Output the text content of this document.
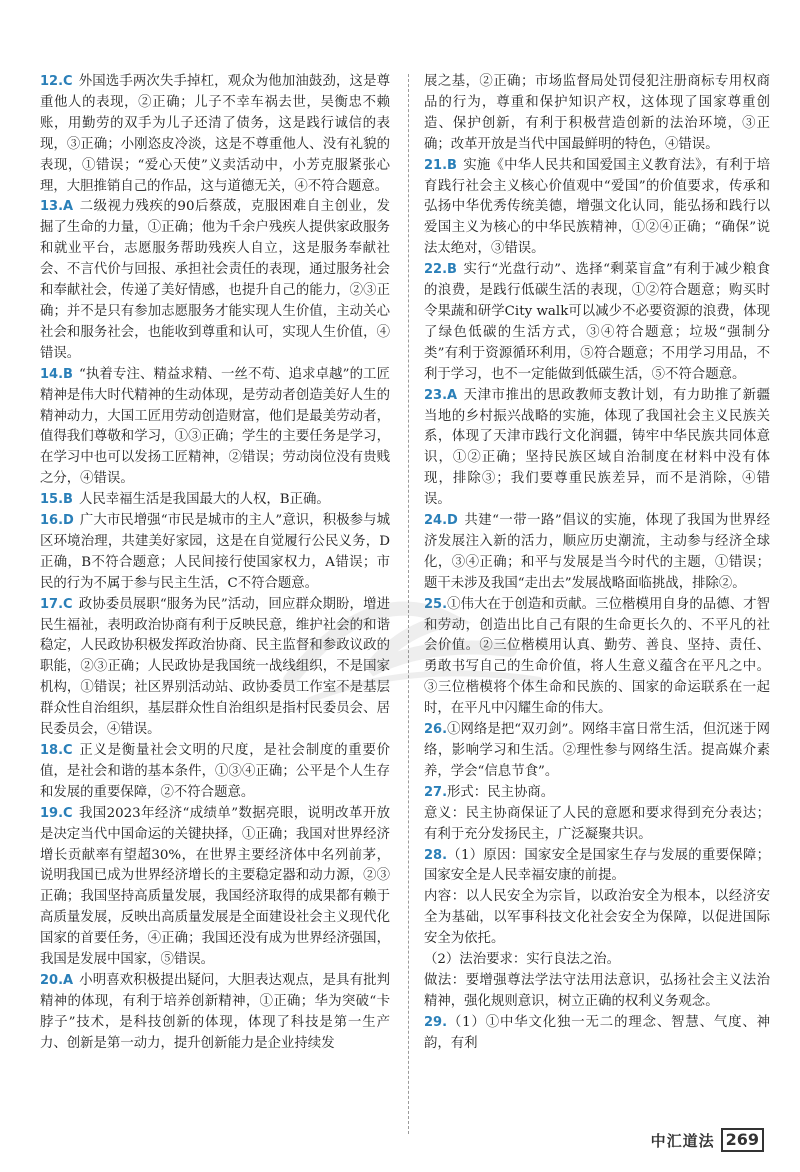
12.C 外国选手两次失手掉杠，观众为他加油鼓劲，这是尊重他人的表现，②正确；儿子不幸车祸去世，吴衡忠不赖账，用勤劳的双手为儿子还清了债务，这是践行诚信的表现，③正确；小刚恣皮冷淡，这是不尊重他人、没有礼貌的表现，①错误；“爱心天使”义卖活动中，小芳克服紧张心理，大胆推销自己的作品，这与道德无关，④不符合题意。
13.A 二级视力残疾的90后蔡荿，克服困难自主创业，发掘了生命的力量，①正确；他为千余户残疾人提供家政服务和就业平台，志愿服务帮助残疾人自立，这是服务奉献社会、不言代价与回报、承担社会责任的表现，通过服务社会和奉献社会，传递了美好情感，也提升自己的能力，②③正确；并不是只有参加志愿服务才能实现人生价值，主动关心社会和服务社会，也能收到尊重和认可，实现人生价值，④错误。
14.B “执着专注、精益求精、一丝不苟、追求卓越”的工匠精神是伟大时代精神的生动体现，是劳动者创造美好人生的精神动力，大国工匠用劳动创造财富，他们是最美劳动者，值得我们尊敬和学习，①③正确；学生的主要任务是学习，在学习中也可以发扬工匠精神，②错误；劳动岗位没有贵贱之分，④错误。
15.B 人民幸福生活是我国最大的人权，B正确。
16.D 广大市民增强“市民是城市的主人”意识，积极参与城区环境治理，共建美好家园，这是在自觉履行公民义务，D正确，B不符合题意；人民间接行使国家权力，A错误；市民的行为不属于参与民主生活，C不符合题意。
17.C 政协委员展职“服务为民”活动，回应群众期盼，增进民生福祉，表明政治协商有利于反映民意，维护社会的和谐稳定，人民政协积极发挥政治协商、民主监督和参政议政的职能，②③正确；人民政协是我国统一战线组织，不是国家机构，①错误；社区界别活动站、政协委员工作室不是基层群众性自治组织，基层群众性自治组织是指村民委员会、居民委员会，④错误。
18.C 正义是衡量社会文明的尺度，是社会制度的重要价值，是社会和谐的基本条件，①③④正确；公平是个人生存和发展的重要保障，②不符合题意。
19.C 我国2023年经济“成绩单”数据亮眼，说明改革开放是决定当代中国命运的关键抉择，①正确；我国对世界经济增长贡献率有望超30%，在世界主要经济体中名列前茅，说明我国已成为世界经济增长的主要稳定器和动力源，②③正确；我国坚持高质量发展，我国经济取得的成果都有赖于高质量发展，反映出高质量发展是全面建设社会主义现代化国家的首要任务，④正确；我国还没有成为世界经济强国，我国是发展中国家，⑤错误。
20.A 小明喜欢积极提出疑问，大胆表达观点，是具有批判精神的体现，有利于培养创新精神，①正确；华为突破“卡脖子”技术，是科技创新的体现，体现了科技是第一生产力、创新是第一动力，提升创新能力是企业持续发
展之基，②正确；市场监督局处罚侵犯注册商标专用权商品的行为，尊重和保护知识产权，这体现了国家尊重创造、保护创新，有利于积极营造创新的法治环境，③正确；改革开放是当代中国最鲜明的特色，④错误。
21.B 实施《中华人民共和国爱国主义教育法》，有利于培育践行社会主义核心价值观中“爱国”的价值要求，传承和弘扬中华优秀传统美德，增强文化认同，能弘扬和践行以爱国主义为核心的中华民族精神，①②④正确；“确保”说法太绝对，③错误。
22.B 实行“光盘行动”、选择“剩菜盲盒”有利于减少粮食的浪费，是践行低碳生活的表现，①②符合题意；购买时令果蔬和研学City walk可以减少不必要资源的浪费，体现了绿色低碳的生活方式，③④符合题意；垃圾“强制分类”有利于资源循环利用，⑤符合题意；不用学习用品，不利于学习，也不一定能做到低碳生活，⑤不符合题意。
23.A 天津市推出的思政教师支教计划，有力助推了新疆当地的乡村振兴战略的实施，体现了我国社会主义民族关系，体现了天津市践行文化润疆，铸牢中华民族共同体意识，①②正确；坚持民族区域自治制度在材料中没有体现，排除③；我们要尊重民族差异，而不是消除，④错误。
24.D 共建“一带一路”倡议的实施，体现了我国为世界经济发展注入新的活力，顺应历史潮流，主动参与经济全球化，③④正确；和平与发展是当今时代的主题，①错误；题干未涉及我国“走出去”发展战略面临挑战，排除②。
25.①伟大在于创造和贡献。三位楷模用自身的品德、才智和劳动，创造出比自己有限的生命更长久的、不平凡的社会价值。②三位楷模用认真、勤劳、善良、坚持、责任、勇敢书写自己的生命价值，将人生意义蕴含在平凡之中。③三位楷模将个体生命和民族的、国家的命运联系在一起时，在平凡中闪耀生命的伟大。
26.①网络是把“双刃剑”。网络丰富日常生活，但沉迷于网络，影响学习和生活。②理性参与网络生活。提高媒介素养，学会“信息节食”。
27.形式：民主协商。
意义：民主协商保证了人民的意愿和要求得到充分表达；有利于充分发扬民主，广泛凝聚共识。
28.（1）原因：国家安全是国家生存与发展的重要保障；国家安全是人民幸福安康的前提。
内容：以人民安全为宗旨，以政治安全为根本，以经济安全为基础，以军事科技文化社会安全为保障，以促进国际安全为依托。
（2）法治要求：实行良法之治。
做法：要增强尊法学法守法用法意识，弘扬社会主义法治精神，强化规则意识，树立正确的权利义务观念。
29.（1）①中华文化独一无二的理念、智慧、气度、神韵，有利
中汇道法 269
